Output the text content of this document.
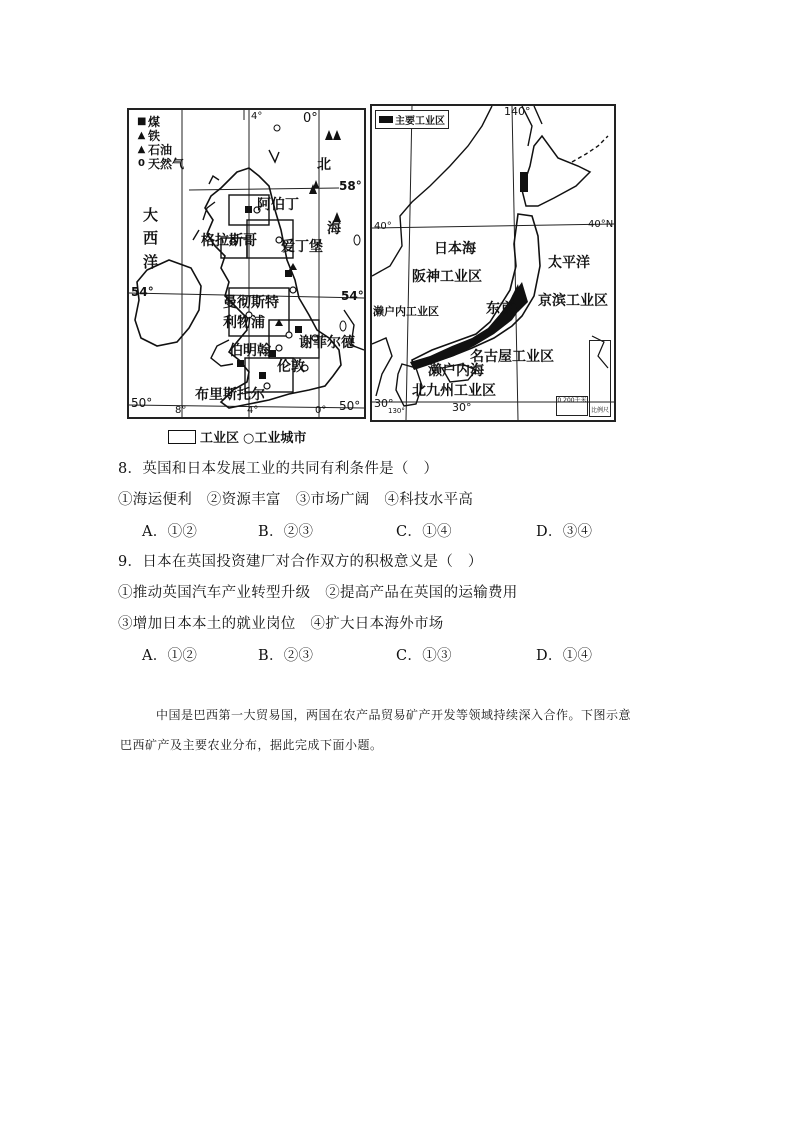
■ 煤
▲ 铁
▲ 石油
0 天然气	北
海
大
西
洋
阿伯丁
格拉斯哥 爱丁堡
曼彻斯特
利物浦
伯明翰 谢菲尔德
伦敦
布里斯托尔
4°	0°
58°
54°	54°
50°	50°
8°	4°	0°
主要工业区
日本海
太平洋
阪神工业区
濑户内工业区	东京 京滨工业区
名古屋工业区
濑户内海
北九州工业区
140°
40°	40°N
30°	30°
130°
0 200千米
比例尺
工业区 ○工业城市
8．英国和日本发展工业的共同有利条件是（　）
①海运便利　②资源丰富　③市场广阔　④科技水平高
A．①②	B．②③	C．①④	D．③④
9．日本在英国投资建厂对合作双方的积极意义是（　）
①推动英国汽车产业转型升级　②提高产品在英国的运输费用
③增加日本本土的就业岗位　④扩大日本海外市场
A．①②	B．②③	C．①③	D．①④
中国是巴西第一大贸易国，两国在农产品贸易矿产开发等领域持续深入合作。下图示意巴西矿产及主要农业分布，据此完成下面小题。
